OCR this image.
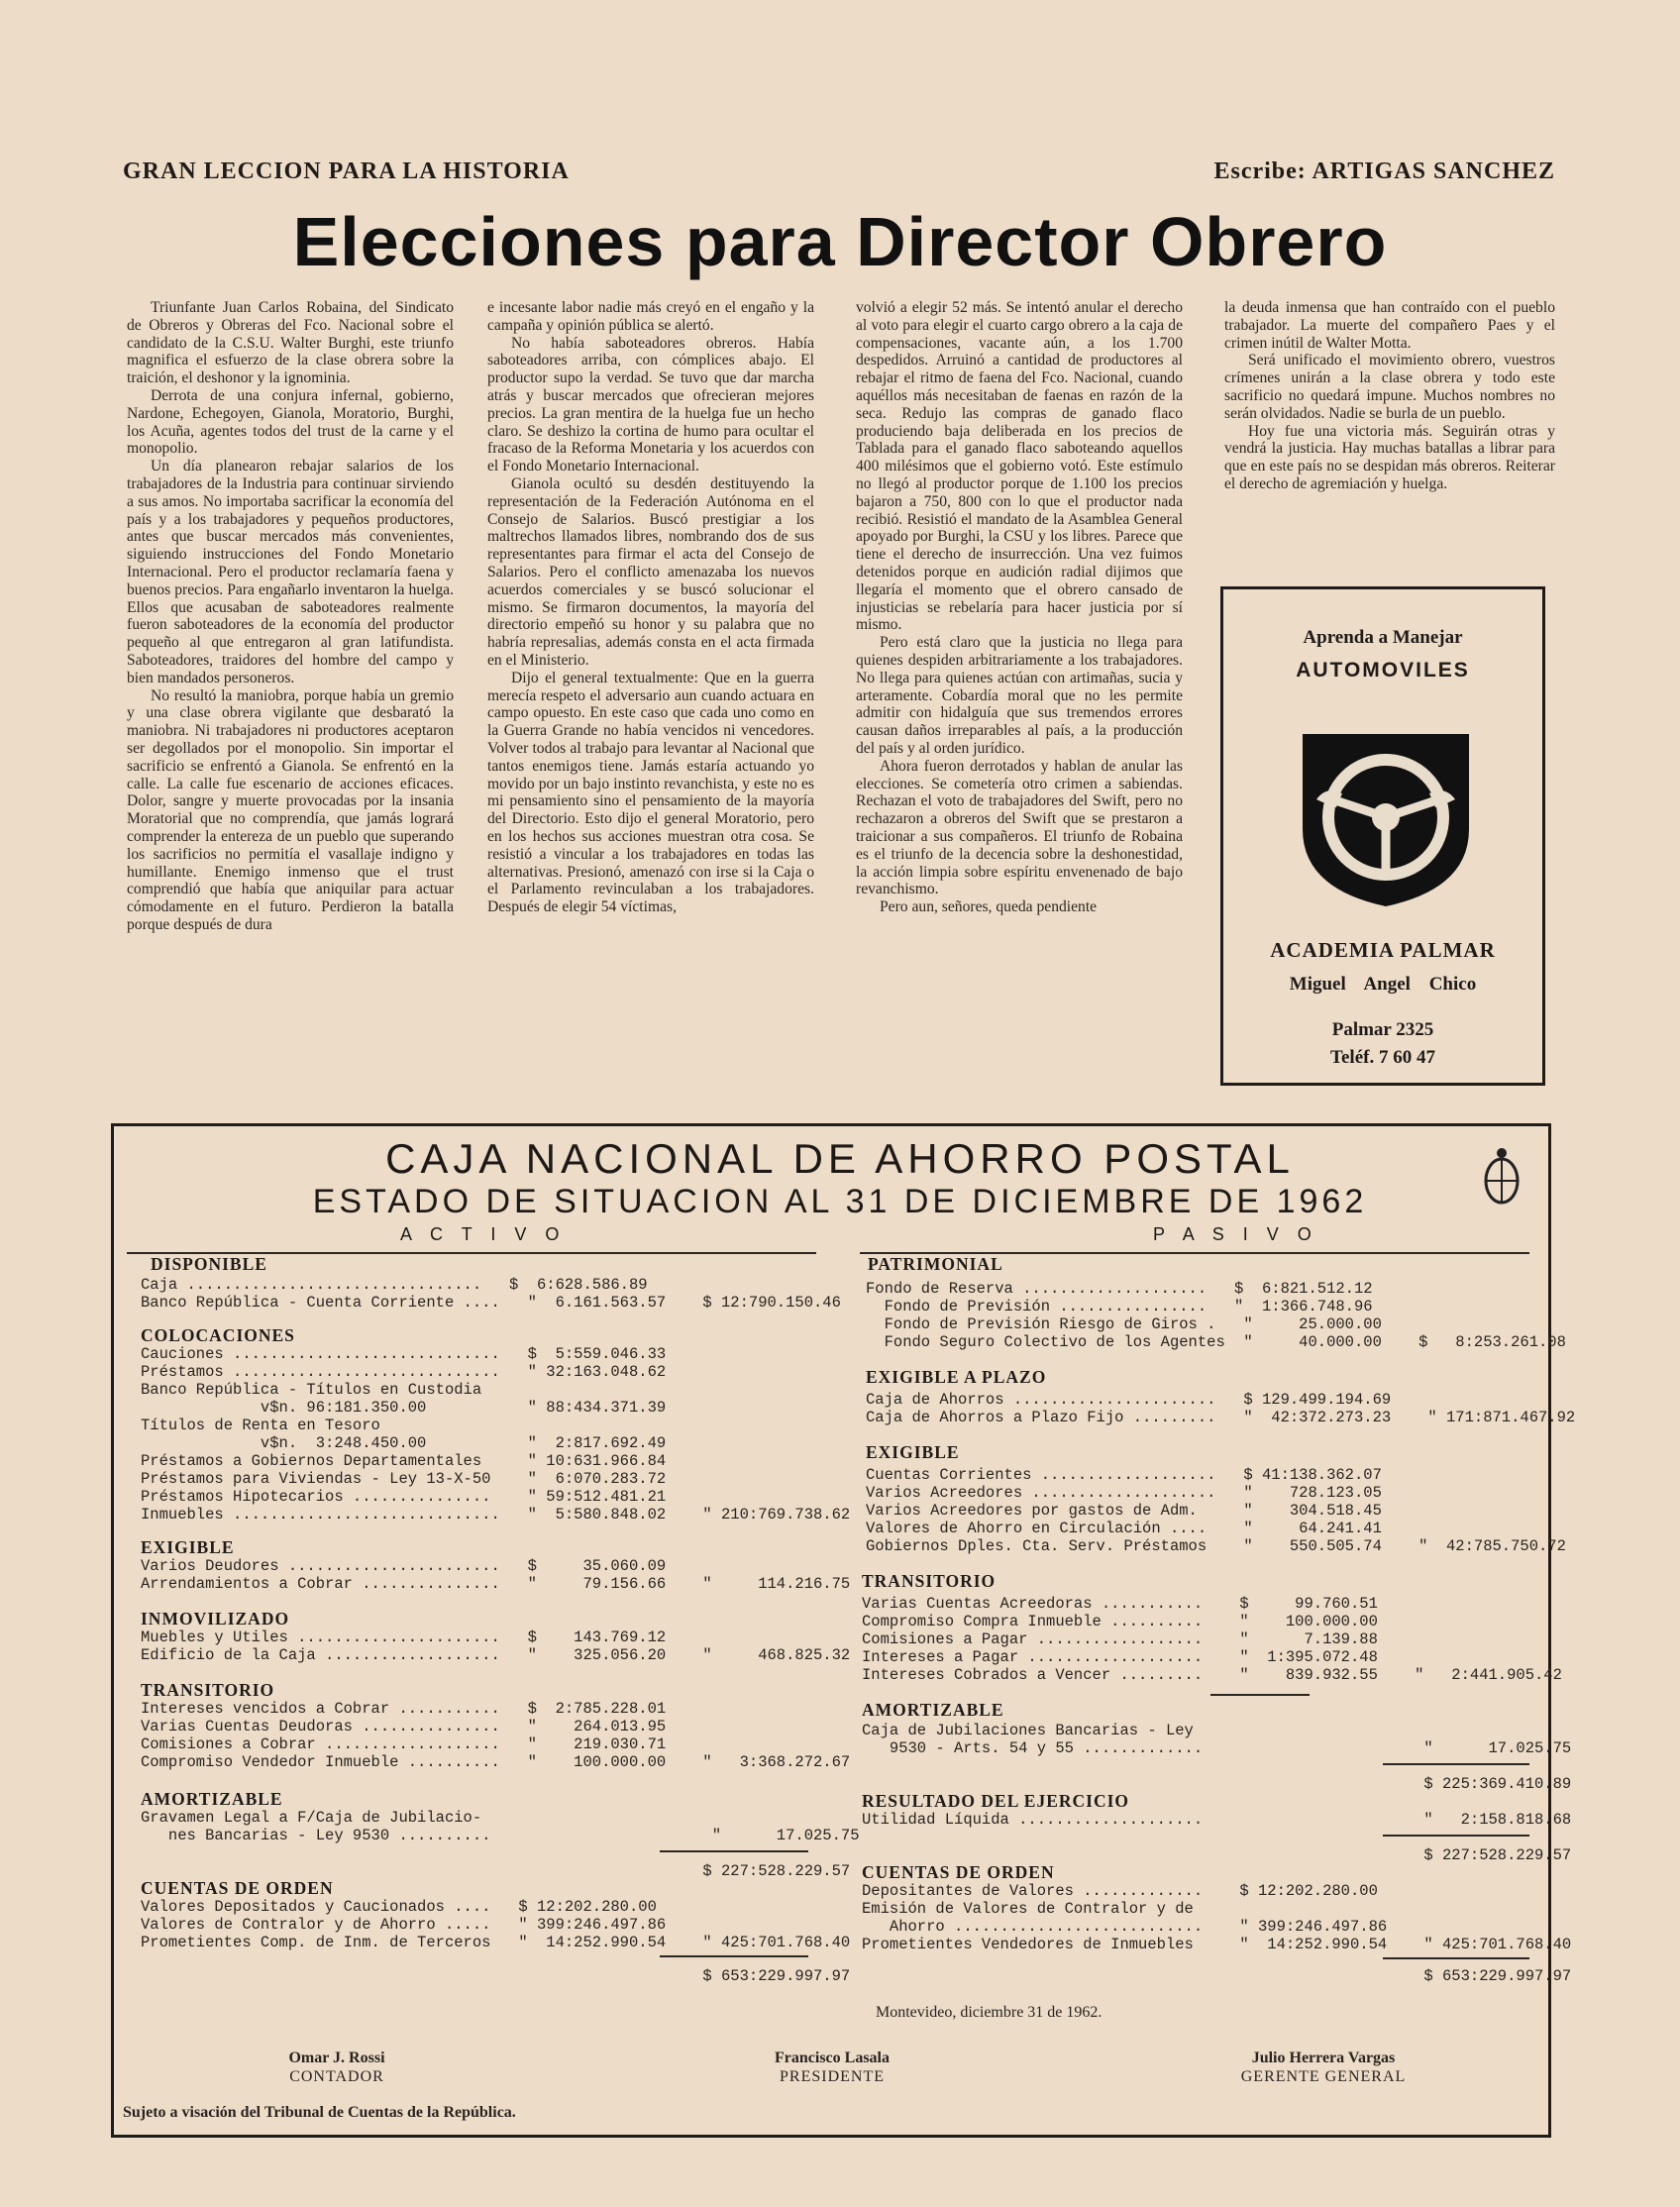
GRAN LECCION PARA LA HISTORIA	Escribe: ARTIGAS SANCHEZ
Elecciones para Director Obrero

Triunfante Juan Carlos Robaina, del Sindicato de Obreros y Obreras del Fco. Nacional sobre el candidato de la C.S.U. Walter Burghi, este triunfo magnifica el esfuerzo de la clase obrera sobre la traición, el deshonor y la ignominia.

Derrota de una conjura infernal, gobierno, Nardone, Echegoyen, Gianola, Moratorio, Burghi, los Acuña, agentes todos del trust de la carne y el monopolio.

Un día planearon rebajar salarios de los trabajadores de la Industria para continuar sirviendo a sus amos. No importaba sacrificar la economía del país y a los trabajadores y pequeños productores, antes que buscar mercados más convenientes, siguiendo instrucciones del Fondo Monetario Internacional. Pero el productor reclamaría faena y buenos precios. Para engañarlo inventaron la huelga. Ellos que acusaban de saboteadores realmente fueron saboteadores de la economía del productor pequeño al que entregaron al gran latifundista. Saboteadores, traidores del hombre del campo y bien mandados personeros.

No resultó la maniobra, porque había un gremio y una clase obrera vigilante que desbarató la maniobra. Ni trabajadores ni productores aceptaron ser degollados por el monopolio. Sin importar el sacrificio se enfrentó a Gianola. Se enfrentó en la calle. La calle fue escenario de acciones eficaces. Dolor, sangre y muerte provocadas por la insania Moratorial que no comprendía, que jamás logrará comprender la entereza de un pueblo que superando los sacrificios no permitía el vasallaje indigno y humillante. Enemigo inmenso que el trust comprendió que había que aniquilar para actuar cómodamente en el futuro. Perdieron la batalla porque después de dura

e incesante labor nadie más creyó en el engaño y la campaña y opinión pública se alertó.

No había saboteadores obreros. Había saboteadores arriba, con cómplices abajo. El productor supo la verdad. Se tuvo que dar marcha atrás y buscar mercados que ofrecieran mejores precios. La gran mentira de la huelga fue un hecho claro. Se deshizo la cortina de humo para ocultar el fracaso de la Reforma Monetaria y los acuerdos con el Fondo Monetario Internacional.

Gianola ocultó su desdén destituyendo la representación de la Federación Autónoma en el Consejo de Salarios. Buscó prestigiar a los maltrechos llamados libres, nombrando dos de sus representantes para firmar el acta del Consejo de Salarios. Pero el conflicto amenazaba los nuevos acuerdos comerciales y se buscó solucionar el mismo. Se firmaron documentos, la mayoría del directorio empeñó su honor y su palabra que no habría represalias, además consta en el acta firmada en el Ministerio.

Dijo el general textualmente: Que en la guerra merecía respeto el adversario aun cuando actuara en campo opuesto. En este caso que cada uno como en la Guerra Grande no había vencidos ni vencedores. Volver todos al trabajo para levantar al Nacional que tantos enemigos tiene. Jamás estaría actuando yo movido por un bajo instinto revanchista, y este no es mi pensamiento sino el pensamiento de la mayoría del Directorio. Esto dijo el general Moratorio, pero en los hechos sus acciones muestran otra cosa. Se resistió a vincular a los trabajadores en todas las alternativas. Presionó, amenazó con irse si la Caja o el Parlamento revinculaban a los trabajadores. Después de elegir 54 víctimas,

volvió a elegir 52 más. Se intentó anular el derecho al voto para elegir el cuarto cargo obrero a la caja de compensaciones, vacante aún, a los 1.700 despedidos. Arruinó a cantidad de productores al rebajar el ritmo de faena del Fco. Nacional, cuando aquéllos más necesitaban de faenas en razón de la seca. Redujo las compras de ganado flaco produciendo baja deliberada en los precios de Tablada para el ganado flaco saboteando aquellos 400 milésimos que el gobierno votó. Este estímulo no llegó al productor porque de 1.100 los precios bajaron a 750, 800 con lo que el productor nada recibió. Resistió el mandato de la Asamblea General apoyado por Burghi, la CSU y los libres. Parece que tiene el derecho de insurrección. Una vez fuimos detenidos porque en audición radial dijimos que llegaría el momento que el obrero cansado de injusticias se rebelaría para hacer justicia por sí mismo.

Pero está claro que la justicia no llega para quienes despiden arbitrariamente a los trabajadores. No llega para quienes actúan con artimañas, sucia y arteramente. Cobardía moral que no les permite admitir con hidalguía que sus tremendos errores causan daños irreparables al país, a la producción del país y al orden jurídico.

Ahora fueron derrotados y hablan de anular las elecciones. Se cometería otro crimen a sabiendas. Rechazan el voto de trabajadores del Swift, pero no rechazaron a obreros del Swift que se prestaron a traicionar a sus compañeros. El triunfo de Robaina es el triunfo de la decencia sobre la deshonestidad, la acción limpia sobre espíritu envenenado de bajo revanchismo.

Pero aun, señores, queda pendiente

la deuda inmensa que han contraído con el pueblo trabajador. La muerte del compañero Paes y el crimen inútil de Walter Motta.

Será unificado el movimiento obrero, vuestros crímenes unirán a la clase obrera y todo este sacrificio no quedará impune. Muchos nombres no serán olvidados. Nadie se burla de un pueblo.

Hoy fue una victoria más. Seguirán otras y vendrá la justicia. Hay muchas batallas a librar para que en este país no se despidan más obreros. Reiterar el derecho de agremiación y huelga.

Aprenda a Manejar
AUTOMOVILES
ACADEMIA PALMAR
Miguel Angel Chico
Palmar 2325
Teléf. 7 60 47
CAJA NACIONAL DE AHORRO POSTAL
ESTADO DE SITUACION AL 31 DE DICIEMBRE DE 1962
A C T I V O	P A S I V O
DISPONIBLE
Caja ................................   $  6:628.586.89
Banco República - Cuenta Corriente ....   "  6.161.563.57    $ 12:790.150.46
COLOCACIONES
Cauciones .............................   $  5:559.046.33
Préstamos .............................   " 32:163.048.62
Banco República - Títulos en Custodia
v$n. 96:181.350.00           " 88:434.371.39
Títulos de Renta en Tesoro
v$n.  3:248.450.00           "  2:817.692.49
Préstamos a Gobiernos Departamentales     " 10:631.966.84
Préstamos para Viviendas - Ley 13-X-50    "  6:070.283.72
Préstamos Hipotecarios ...............    " 59:512.481.21
Inmuebles .............................   "  5:580.848.02    " 210:769.738.62
EXIGIBLE
Varios Deudores .......................   $     35.060.09
Arrendamientos a Cobrar ...............   "     79.156.66    "     114.216.75
INMOVILIZADO
Muebles y Utiles ......................   $    143.769.12
Edificio de la Caja ...................   "    325.056.20    "     468.825.32
TRANSITORIO
Intereses vencidos a Cobrar ...........   $  2:785.228.01
Varias Cuentas Deudoras ...............   "    264.013.95
Comisiones a Cobrar ...................   "    219.030.71
Compromiso Vendedor Inmueble ..........   "    100.000.00    "   3:368.272.67
AMORTIZABLE
Gravamen Legal a F/Caja de Jubilacio-
nes Bancarias - Ley 9530 ..........                        "      17.025.75
$ 227:528.229.57
CUENTAS DE ORDEN
Valores Depositados y Caucionados ....   $ 12:202.280.00
Valores de Contralor y de Ahorro .....   " 399:246.497.86
Prometientes Comp. de Inm. de Terceros   "  14:252.990.54    " 425:701.768.40
$ 653:229.997.97
PATRIMONIAL
Fondo de Reserva ....................   $  6:821.512.12
Fondo de Previsión ................   "  1:366.748.96
Fondo de Previsión Riesgo de Giros .   "     25.000.00
Fondo Seguro Colectivo de los Agentes  "     40.000.00    $   8:253.261.08
EXIGIBLE A PLAZO
Caja de Ahorros ......................   $ 129.499.194.69
Caja de Ahorros a Plazo Fijo .........   "  42:372.273.23    " 171:871.467.92
EXIGIBLE
Cuentas Corrientes ...................   $ 41:138.362.07
Varios Acreedores ....................   "    728.123.05
Varios Acreedores por gastos de Adm.     "    304.518.45
Valores de Ahorro en Circulación ....    "     64.241.41
Gobiernos Dples. Cta. Serv. Préstamos    "    550.505.74    "  42:785.750.72
TRANSITORIO
Varias Cuentas Acreedoras ...........    $     99.760.51
Compromiso Compra Inmueble ..........    "    100.000.00
Comisiones a Pagar ..................    "      7.139.88
Intereses a Pagar ...................    "  1:395.072.48
Intereses Cobrados a Vencer .........    "    839.932.55    "   2:441.905.42
AMORTIZABLE
Caja de Jubilaciones Bancarias - Ley
9530 - Arts. 54 y 55 .............                        "      17.025.75
$ 225:369.410.89
RESULTADO DEL EJERCICIO
Utilidad Líquida ....................                        "   2:158.818.68
$ 227:528.229.57
CUENTAS DE ORDEN
Depositantes de Valores .............    $ 12:202.280.00
Emisión de Valores de Contralor y de
Ahorro ...........................    " 399:246.497.86
Prometientes Vendedores de Inmuebles     "  14:252.990.54    " 425:701.768.40
$ 653:229.997.97
Montevideo, diciembre 31 de 1962.
Omar J. Rossi
CONTADOR
Francisco Lasala
PRESIDENTE
Julio Herrera Vargas
GERENTE GENERAL
Sujeto a visación del Tribunal de Cuentas de la República.
